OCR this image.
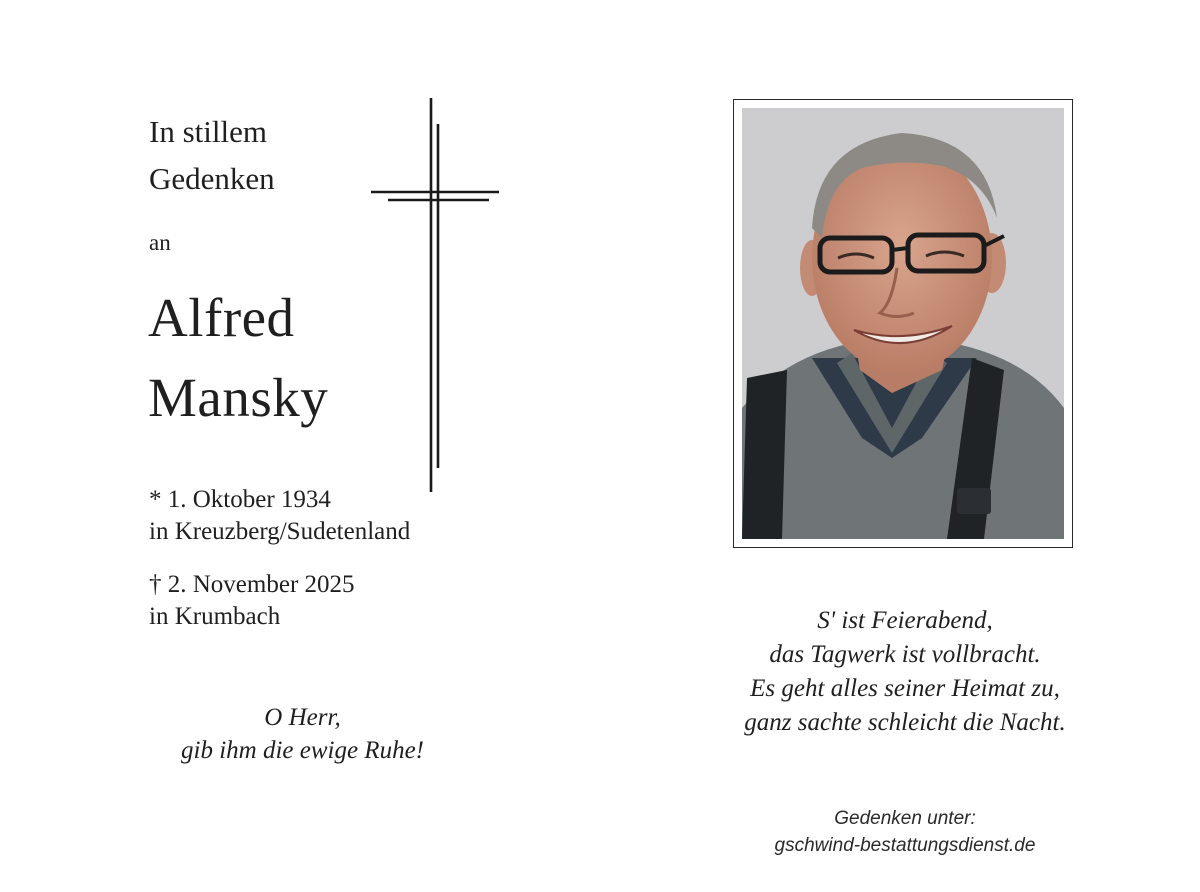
In stillem
Gedenken
an
Alfred
Mansky
* 1. Oktober 1934
in Kreuzberg/Sudetenland
† 2. November 2025
in Krumbach
O Herr,
gib ihm die ewige Ruhe!
S' ist Feierabend,
das Tagwerk ist vollbracht.
Es geht alles seiner Heimat zu,
ganz sachte schleicht die Nacht.
Gedenken unter:
gschwind-bestattungsdienst.de
